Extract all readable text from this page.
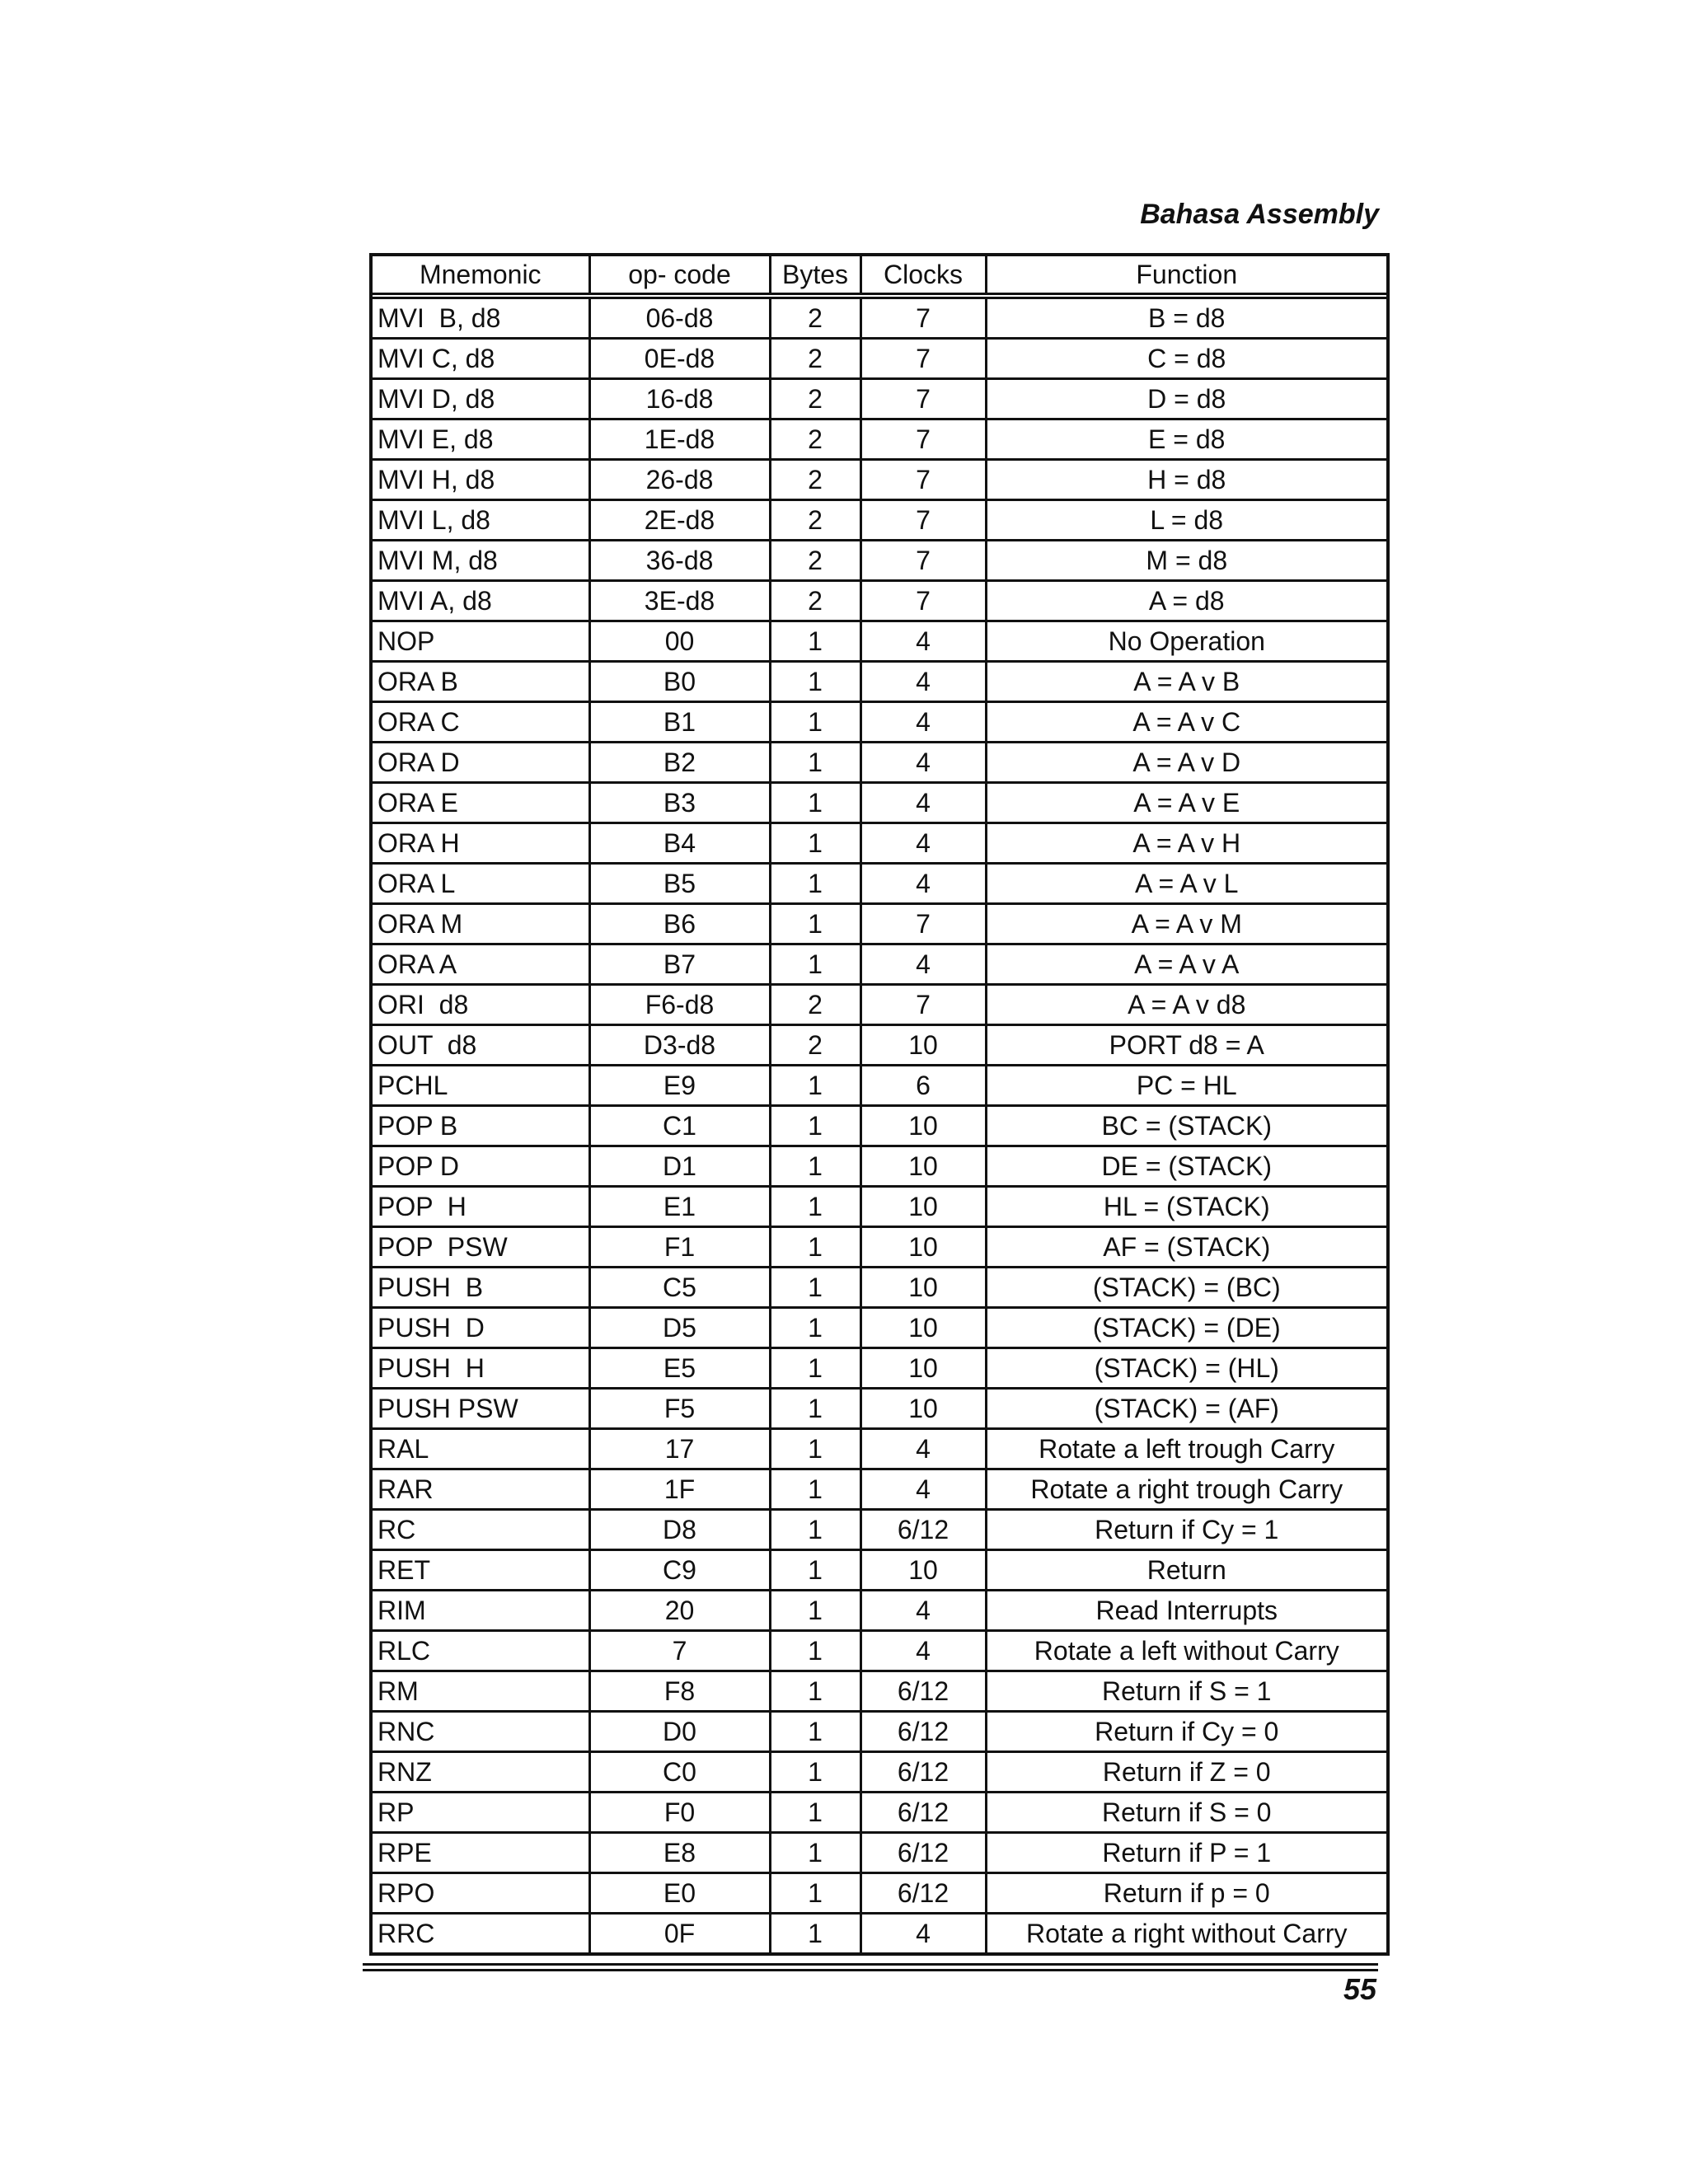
Bahasa Assembly
Mnemonic	op- code	Bytes	Clocks	Function
MVI  B, d8	06-d8	2	7	B = d8
MVI C, d8	0E-d8	2	7	C = d8
MVI D, d8	16-d8	2	7	D = d8
MVI E, d8	1E-d8	2	7	E = d8
MVI H, d8	26-d8	2	7	H = d8
MVI L, d8	2E-d8	2	7	L = d8
MVI M, d8	36-d8	2	7	M = d8
MVI A, d8	3E-d8	2	7	A = d8
NOP	00	1	4	No Operation
ORA B	B0	1	4	A = A v B
ORA C	B1	1	4	A = A v C
ORA D	B2	1	4	A = A v D
ORA E	B3	1	4	A = A v E
ORA H	B4	1	4	A = A v H
ORA L	B5	1	4	A = A v L
ORA M	B6	1	7	A = A v M
ORA A	B7	1	4	A = A v A
ORI  d8	F6-d8	2	7	A = A v d8
OUT  d8	D3-d8	2	10	PORT d8 = A
PCHL	E9	1	6	PC = HL
POP B	C1	1	10	BC = (STACK)
POP D	D1	1	10	DE = (STACK)
POP  H	E1	1	10	HL = (STACK)
POP  PSW	F1	1	10	AF = (STACK)
PUSH  B	C5	1	10	(STACK) = (BC)
PUSH  D	D5	1	10	(STACK) = (DE)
PUSH  H	E5	1	10	(STACK) = (HL)
PUSH PSW	F5	1	10	(STACK) = (AF)
RAL	17	1	4	Rotate a left trough Carry
RAR	1F	1	4	Rotate a right trough Carry
RC	D8	1	6/12	Return if Cy = 1
RET	C9	1	10	Return
RIM	20	1	4	Read Interrupts
RLC	7	1	4	Rotate a left without Carry
RM	F8	1	6/12	Return if S = 1
RNC	D0	1	6/12	Return if Cy = 0
RNZ	C0	1	6/12	Return if Z = 0
RP	F0	1	6/12	Return if S = 0
RPE	E8	1	6/12	Return if P = 1
RPO	E0	1	6/12	Return if p = 0
RRC	0F	1	4	Rotate a right without Carry
55
